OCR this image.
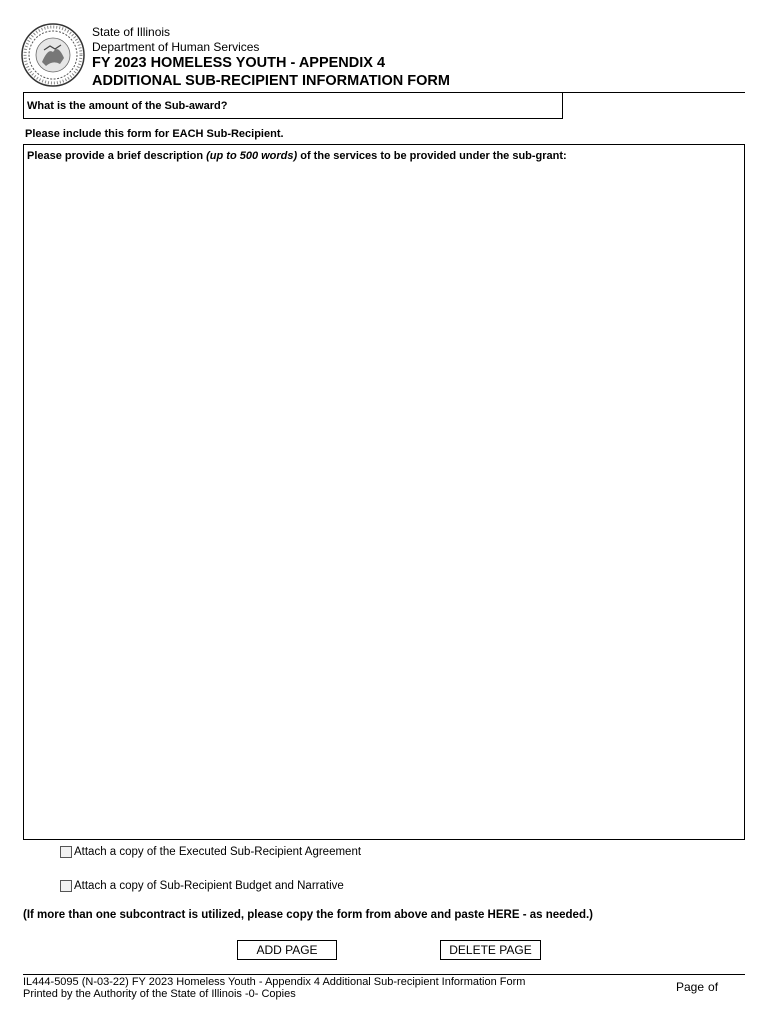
State of Illinois
Department of Human Services
FY 2023 HOMELESS YOUTH - APPENDIX 4
ADDITIONAL SUB-RECIPIENT INFORMATION FORM
What is the amount of the Sub-award?
Please include this form for EACH Sub-Recipient.
Please provide a brief description (up to 500 words) of the services to be provided under the sub-grant:
Attach a copy of the Executed Sub-Recipient Agreement
Attach a copy of Sub-Recipient Budget and Narrative
(If more than one subcontract is utilized, please copy the form from above and paste HERE - as needed.)
ADD PAGE	DELETE PAGE
IL444-5095 (N-03-22) FY 2023 Homeless Youth - Appendix 4 Additional Sub-recipient Information Form
Printed by the Authority of the State of Illinois -0- Copies	Page of
